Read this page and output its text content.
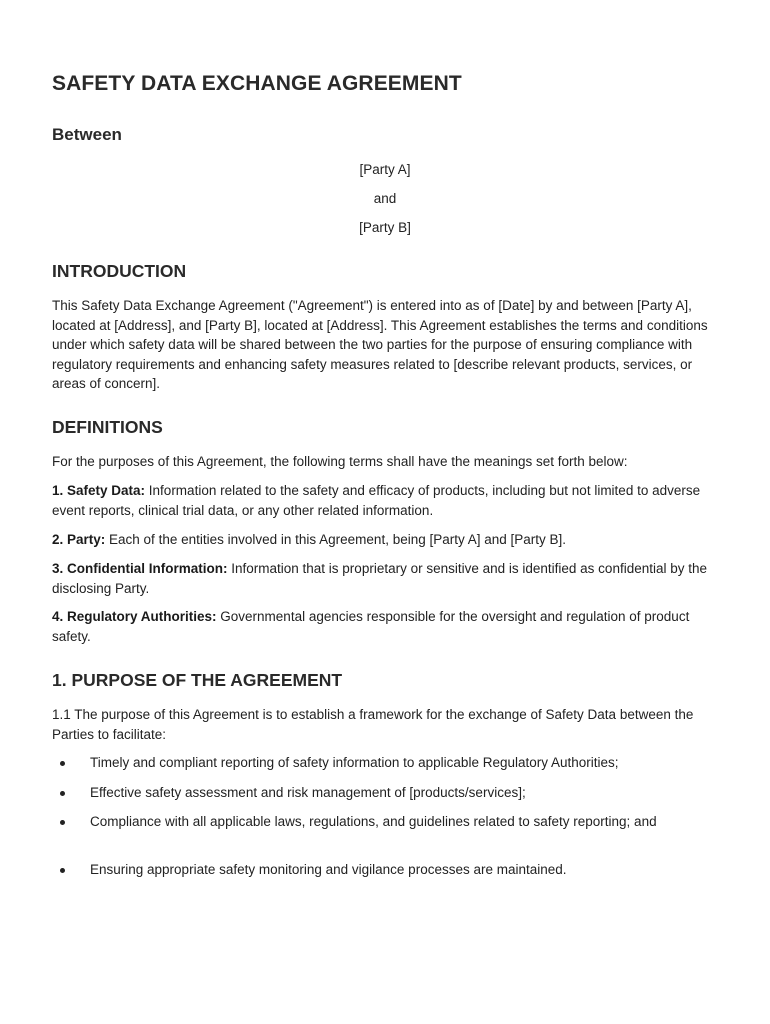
SAFETY DATA EXCHANGE AGREEMENT
Between

[Party A]

and

[Party B]

INTRODUCTION

This Safety Data Exchange Agreement ("Agreement") is entered into as of [Date] by and between [Party A], located at [Address], and [Party B], located at [Address]. This Agreement establishes the terms and conditions under which safety data will be shared between the two parties for the purpose of ensuring compliance with regulatory requirements and enhancing safety measures related to [describe relevant products, services, or areas of concern].

DEFINITIONS

For the purposes of this Agreement, the following terms shall have the meanings set forth below:

1. Safety Data: Information related to the safety and efficacy of products, including but not limited to adverse event reports, clinical trial data, or any other related information.

2. Party: Each of the entities involved in this Agreement, being [Party A] and [Party B].

3. Confidential Information: Information that is proprietary or sensitive and is identified as confidential by the disclosing Party.

4. Regulatory Authorities: Governmental agencies responsible for the oversight and regulation of product safety.

1. PURPOSE OF THE AGREEMENT

1.1 The purpose of this Agreement is to establish a framework for the exchange of Safety Data between the Parties to facilitate:

Timely and compliant reporting of safety information to applicable Regulatory Authorities;
Effective safety assessment and risk management of [products/services];
Compliance with all applicable laws, regulations, and guidelines related to safety reporting; and
Ensuring appropriate safety monitoring and vigilance processes are maintained.
